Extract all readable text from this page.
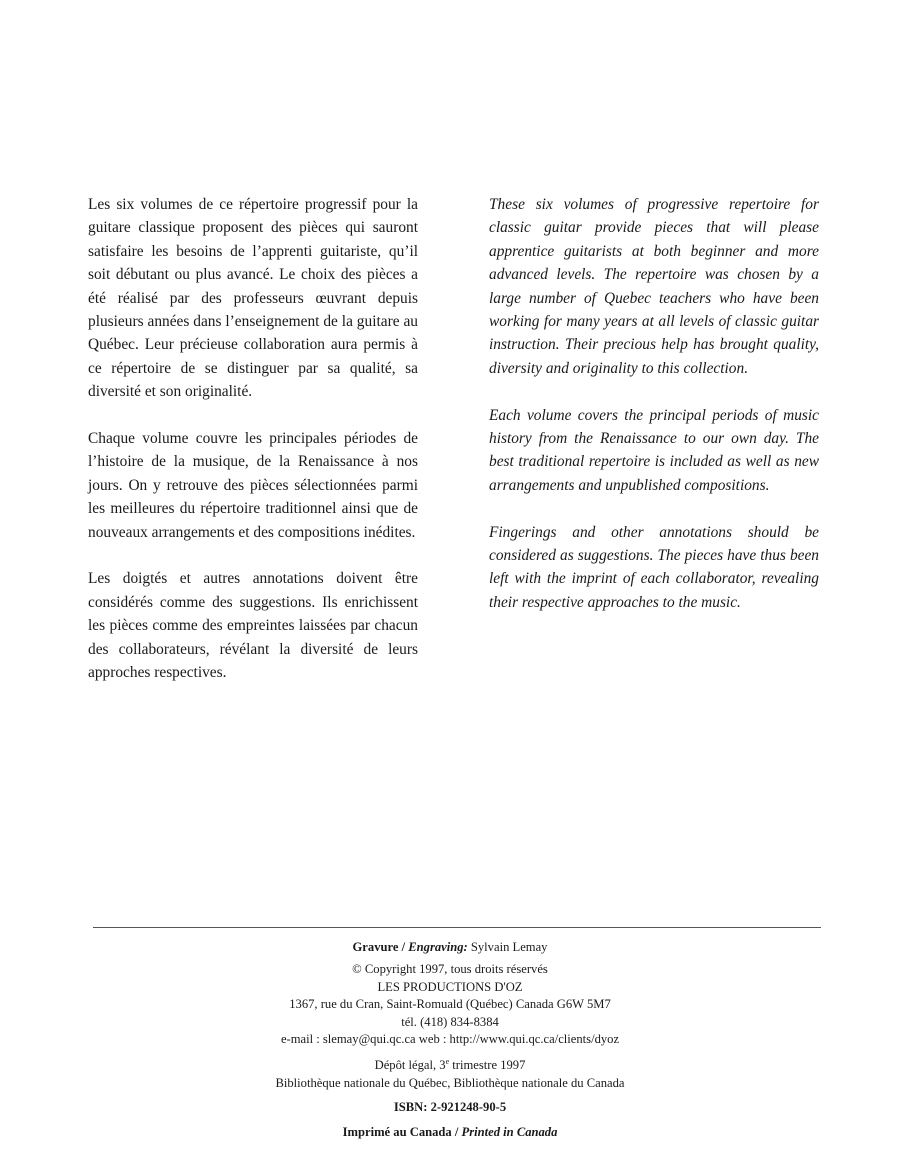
Les six volumes de ce répertoire progressif pour la guitare classique proposent des pièces qui sauront satisfaire les besoins de l’apprenti guitariste, qu’il soit débutant ou plus avancé. Le choix des pièces a été réalisé par des professeurs œuvrant depuis plusieurs années dans l’enseignement de la guitare au Québec. Leur précieuse collaboration aura permis à ce répertoire de se distinguer par sa qualité, sa diversité et son originalité.

Chaque volume couvre les principales périodes de l’histoire de la musique, de la Renaissance à nos jours. On y retrouve des pièces sélectionnées parmi les meilleures du répertoire traditionnel ainsi que de nouveaux arrangements et des compositions inédites.

Les doigtés et autres annotations doivent être considérés comme des suggestions. Ils enrichissent les pièces comme des empreintes laissées par chacun des collaborateurs, révélant la diversité de leurs approches respectives.

These six volumes of progressive repertoire for classic guitar provide pieces that will please apprentice guitarists at both beginner and more advanced levels. The repertoire was chosen by a large number of Quebec teachers who have been working for many years at all levels of classic guitar instruction. Their precious help has brought quality, diversity and originality to this collection.

Each volume covers the principal periods of music history from the Renaissance to our own day. The best traditional repertoire is included as well as new arrangements and unpublished compositions.

Fingerings and other annotations should be considered as suggestions. The pieces have thus been left with the imprint of each collaborator, revealing their respective approaches to the music.

Gravure / Engraving: Sylvain Lemay
© Copyright 1997, tous droits réservés
LES PRODUCTIONS D'OZ
1367, rue du Cran, Saint-Romuald (Québec) Canada G6W 5M7
tél. (418) 834-8384
e-mail : slemay@qui.qc.ca web : http://www.qui.qc.ca/clients/dyoz
Dépôt légal, 3e trimestre 1997
Bibliothèque nationale du Québec, Bibliothèque nationale du Canada
ISBN: 2-921248-90-5
Imprimé au Canada / Printed in Canada
